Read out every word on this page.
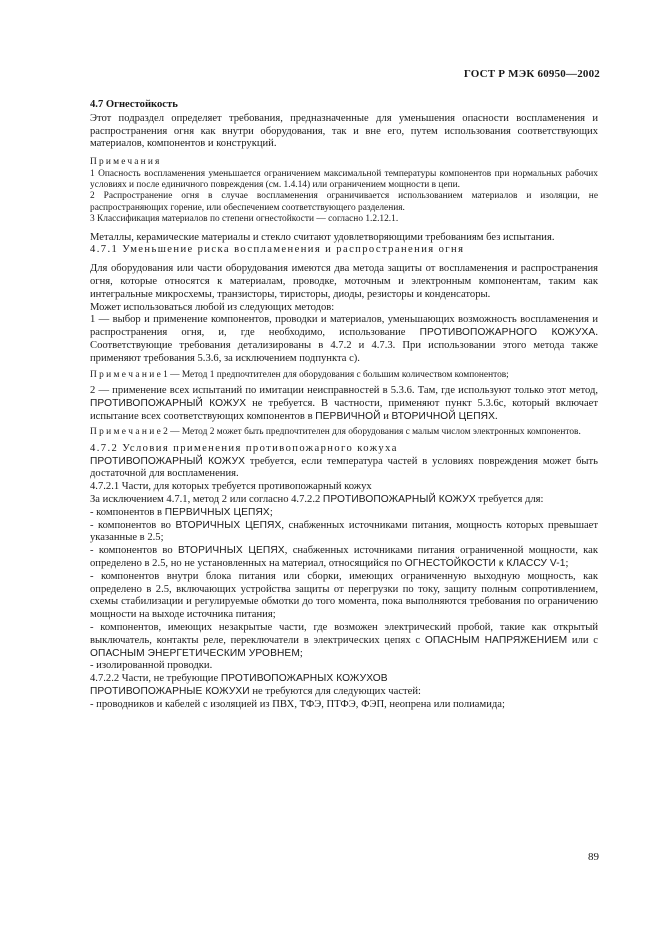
ГОСТ Р МЭК 60950—2002

4.7 Огнестойкость

Этот подраздел определяет требования, предназначенные для уменьшения опасности воспламенения и распространения огня как внутри оборудования, так и вне его, путем использования соответствующих материалов, компонентов и конструкций.

Примечания

1 Опасность воспламенения уменьшается ограничением максимальной температуры компонентов при нормальных рабочих условиях и после единичного повреждения (см. 1.4.14) или ограничением мощности в цепи.

2 Распространение огня в случае воспламенения ограничивается использованием материалов и изоляции, не распространяющих горение, или обеспечением соответствующего разделения.

3 Классификация материалов по степени огнестойкости — согласно 1.2.12.1.

Металлы, керамические материалы и стекло считают удовлетворяющими требованиям без испытания.

4.7.1 Уменьшение риска воспламенения и распространения огня

Для оборудования или части оборудования имеются два метода защиты от воспламенения и распространения огня, которые относятся к материалам, проводке, моточным и электронным компонентам, таким как интегральные микросхемы, транзисторы, тиристоры, диоды, резисторы и конденсаторы.

Может использоваться любой из следующих методов:

1 — выбор и применение компонентов, проводки и материалов, уменьшающих возможность воспламенения и распространения огня, и, где необходимо, использование ПРОТИВОПОЖАРНОГО КОЖУХА. Соответствующие требования детализированы в 4.7.2 и 4.7.3. При использовании этого метода также применяют требования 5.3.6, за исключением подпункта с).

П р и м е ч а н и е 1 — Метод 1 предпочтителен для оборудования с большим количеством компонентов;

2 — применение всех испытаний по имитации неисправностей в 5.3.6. Там, где используют только этот метод, ПРОТИВОПОЖАРНЫЙ КОЖУХ не требуется. В частности, применяют пункт 5.3.6с, который включает испытание всех соответствующих компонентов в ПЕРВИЧНОЙ и ВТОРИЧНОЙ ЦЕПЯХ.

П р и м е ч а н и е 2 — Метод 2 может быть предпочтителен для оборудования с малым числом электронных компонентов.

4.7.2 Условия применения противопожарного кожуха

ПРОТИВОПОЖАРНЫЙ КОЖУХ требуется, если температура частей в условиях повреждения может быть достаточной для воспламенения.

4.7.2.1 Части, для которых требуется противопожарный кожух

За исключением 4.7.1, метод 2 или согласно 4.7.2.2 ПРОТИВОПОЖАРНЫЙ КОЖУХ требуется для:

- компонентов в ПЕРВИЧНЫХ ЦЕПЯХ;

- компонентов во ВТОРИЧНЫХ ЦЕПЯХ, снабженных источниками питания, мощность которых превышает указанные в 2.5;

- компонентов во ВТОРИЧНЫХ ЦЕПЯХ, снабженных источниками питания ограниченной мощности, как определено в 2.5, но не установленных на материал, относящийся по ОГНЕСТОЙКОСТИ к КЛАССУ V-1;

- компонентов внутри блока питания или сборки, имеющих ограниченную выходную мощность, как определено в 2.5, включающих устройства защиты от перегрузки по току, защиту полным сопротивлением, схемы стабилизации и регулируемые обмотки до того момента, пока выполняются требования по ограничению мощности на выходе источника питания;

- компонентов, имеющих незакрытые части, где возможен электрический пробой, такие как открытый выключатель, контакты реле, переключатели в электрических цепях с ОПАСНЫМ НАПРЯЖЕНИЕМ или с ОПАСНЫМ ЭНЕРГЕТИЧЕСКИМ УРОВНЕМ;

- изолированной проводки.

4.7.2.2 Части, не требующие ПРОТИВОПОЖАРНЫХ КОЖУХОВ

ПРОТИВОПОЖАРНЫЕ КОЖУХИ не требуются для следующих частей:

- проводников и кабелей с изоляцией из ПВХ, ТФЭ, ПТФЭ, ФЭП, неопрена или полиамида;

89
